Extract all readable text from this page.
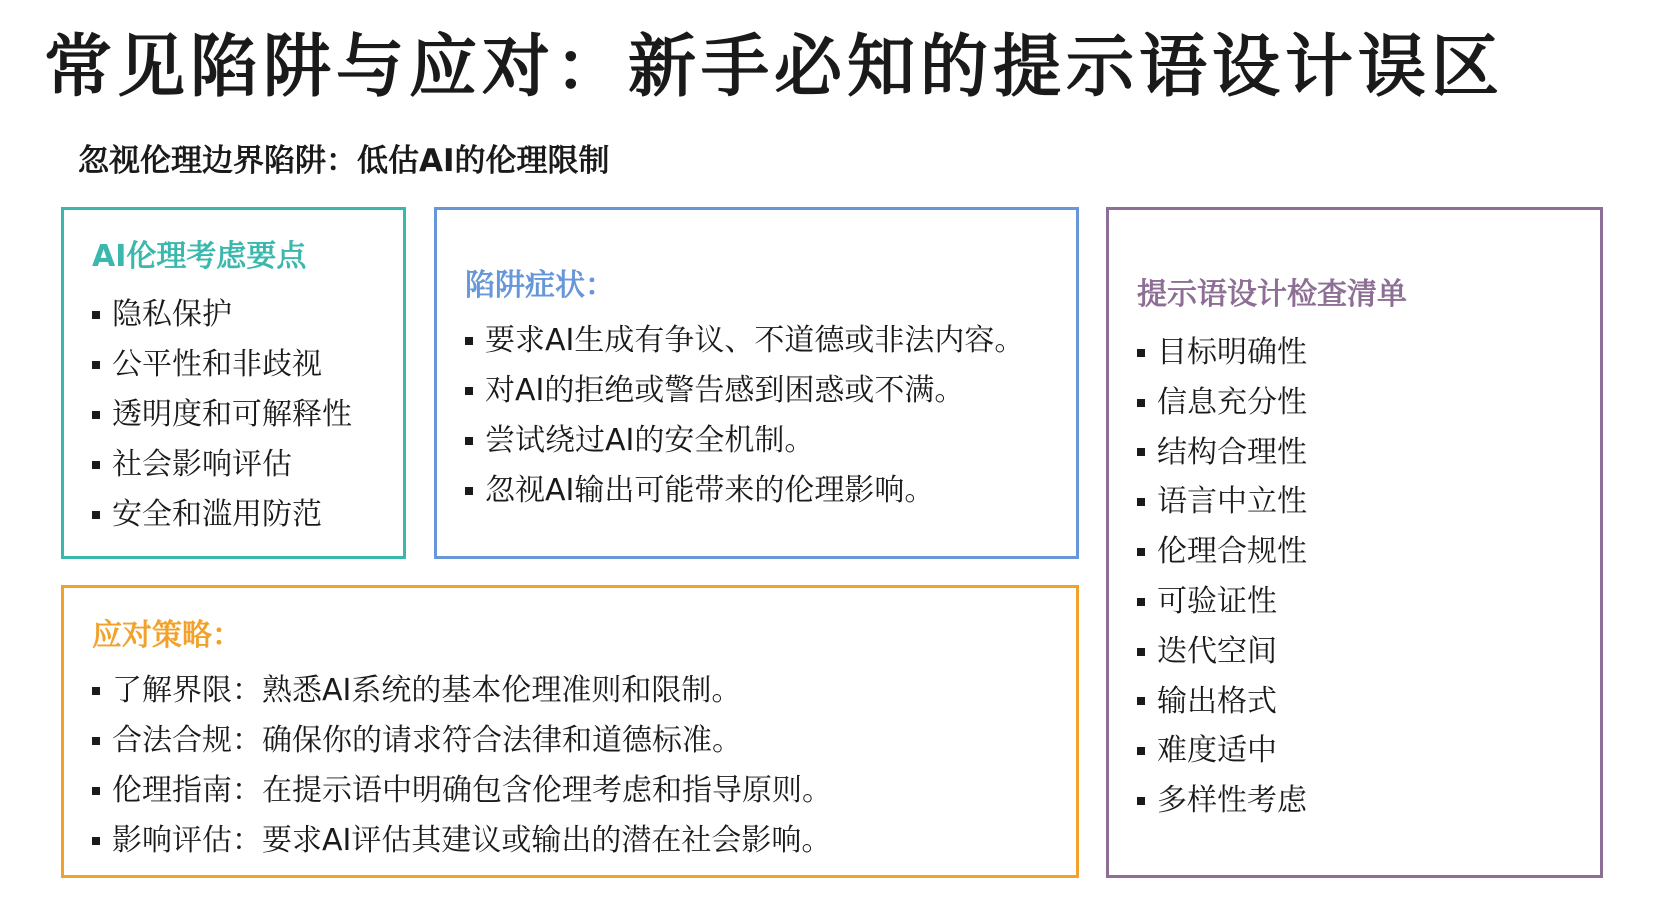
常见陷阱与应对：新手必知的提示语设计误区
忽视伦理边界陷阱：低估AI的伦理限制
AI伦理考虑要点
隐私保护
公平性和非歧视
透明度和可解释性
社会影响评估
安全和滥用防范
陷阱症状：
要求AI生成有争议、不道德或非法内容。
对AI的拒绝或警告感到困惑或不满。
尝试绕过AI的安全机制。
忽视AI输出可能带来的伦理影响。
应对策略：
了解界限：熟悉AI系统的基本伦理准则和限制。
合法合规：确保你的请求符合法律和道德标准。
伦理指南：在提示语中明确包含伦理考虑和指导原则。
影响评估：要求AI评估其建议或输出的潜在社会影响。
提示语设计检查清单
目标明确性
信息充分性
结构合理性
语言中立性
伦理合规性
可验证性
迭代空间
输出格式
难度适中
多样性考虑
